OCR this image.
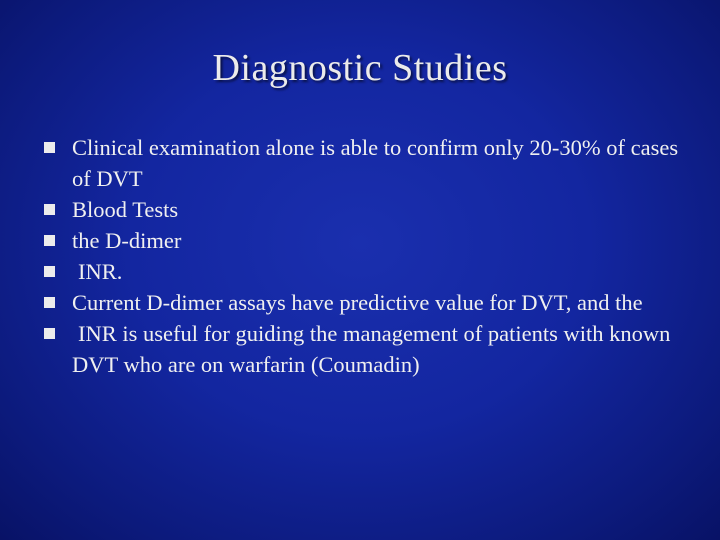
Diagnostic Studies
Clinical examination alone is able to confirm only 20-30% of cases of DVT
Blood Tests
the D-dimer
INR.
Current D-dimer assays have predictive value for DVT, and the
INR is useful for guiding the management of patients with known DVT who are on warfarin (Coumadin)
